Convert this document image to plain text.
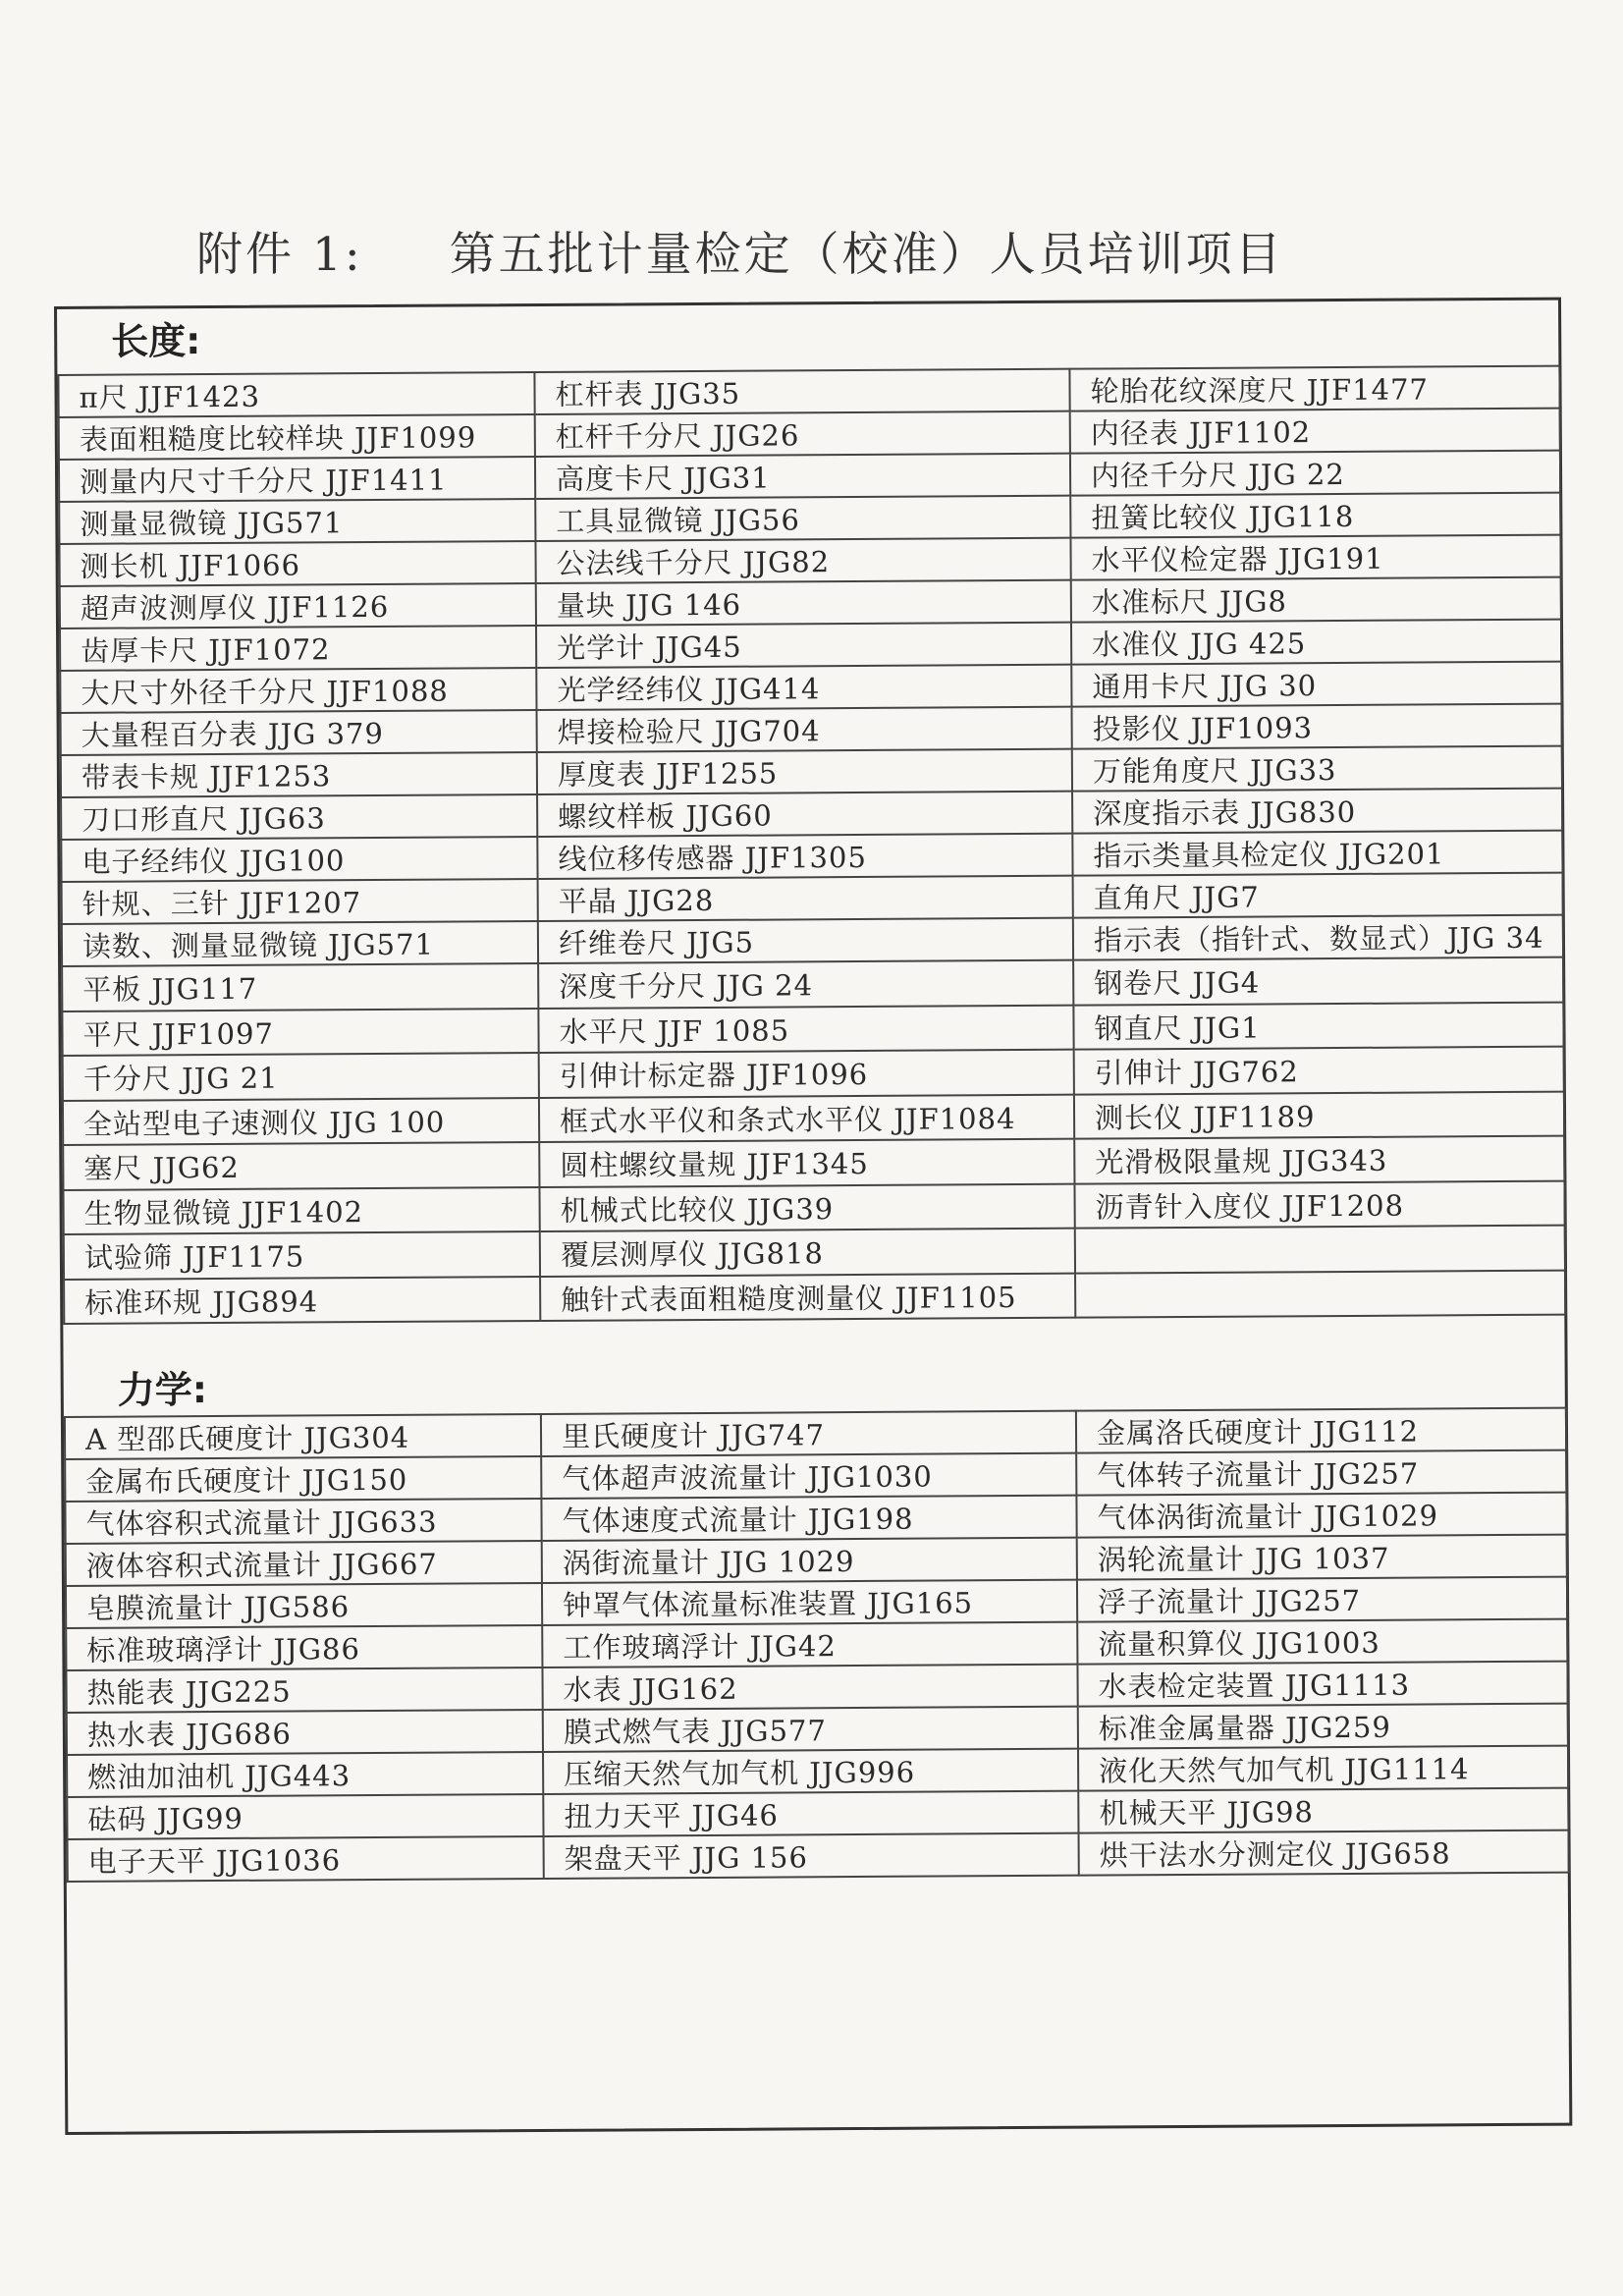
附件 1: 第五批计量检定（校准）人员培训项目
长度:
π尺 JJF1423	杠杆表 JJG35	轮胎花纹深度尺 JJF1477
表面粗糙度比较样块 JJF1099	杠杆千分尺 JJG26	内径表 JJF1102
测量内尺寸千分尺 JJF1411	高度卡尺 JJG31	内径千分尺 JJG 22
测量显微镜 JJG571	工具显微镜 JJG56	扭簧比较仪 JJG118
测长机 JJF1066	公法线千分尺 JJG82	水平仪检定器 JJG191
超声波测厚仪 JJF1126	量块 JJG 146	水准标尺 JJG8
齿厚卡尺 JJF1072	光学计 JJG45	水准仪 JJG 425
大尺寸外径千分尺 JJF1088	光学经纬仪 JJG414	通用卡尺 JJG 30
大量程百分表 JJG 379	焊接检验尺 JJG704	投影仪 JJF1093
带表卡规 JJF1253	厚度表 JJF1255	万能角度尺 JJG33
刀口形直尺 JJG63	螺纹样板 JJG60	深度指示表 JJG830
电子经纬仪 JJG100	线位移传感器 JJF1305	指示类量具检定仪 JJG201
针规、三针 JJF1207	平晶 JJG28	直角尺 JJG7
读数、测量显微镜 JJG571	纤维卷尺 JJG5	指示表（指针式、数显式）JJG 34
平板 JJG117	深度千分尺 JJG 24	钢卷尺 JJG4
平尺 JJF1097	水平尺 JJF 1085	钢直尺 JJG1
千分尺 JJG 21	引伸计标定器 JJF1096	引伸计 JJG762
全站型电子速测仪 JJG 100	框式水平仪和条式水平仪 JJF1084	测长仪 JJF1189
塞尺 JJG62	圆柱螺纹量规 JJF1345	光滑极限量规 JJG343
生物显微镜 JJF1402	机械式比较仪 JJG39	沥青针入度仪 JJF1208
试验筛 JJF1175	覆层测厚仪 JJG818	
标准环规 JJG894	触针式表面粗糙度测量仪 JJF1105	
力学:
A 型邵氏硬度计 JJG304	里氏硬度计 JJG747	金属洛氏硬度计 JJG112
金属布氏硬度计 JJG150	气体超声波流量计 JJG1030	气体转子流量计 JJG257
气体容积式流量计 JJG633	气体速度式流量计 JJG198	气体涡街流量计 JJG1029
液体容积式流量计 JJG667	涡街流量计 JJG 1029	涡轮流量计 JJG 1037
皂膜流量计 JJG586	钟罩气体流量标准装置 JJG165	浮子流量计 JJG257
标准玻璃浮计 JJG86	工作玻璃浮计 JJG42	流量积算仪 JJG1003
热能表 JJG225	水表 JJG162	水表检定装置 JJG1113
热水表 JJG686	膜式燃气表 JJG577	标准金属量器 JJG259
燃油加油机 JJG443	压缩天然气加气机 JJG996	液化天然气加气机 JJG1114
砝码 JJG99	扭力天平 JJG46	机械天平 JJG98
电子天平 JJG1036	架盘天平 JJG 156	烘干法水分测定仪 JJG658
